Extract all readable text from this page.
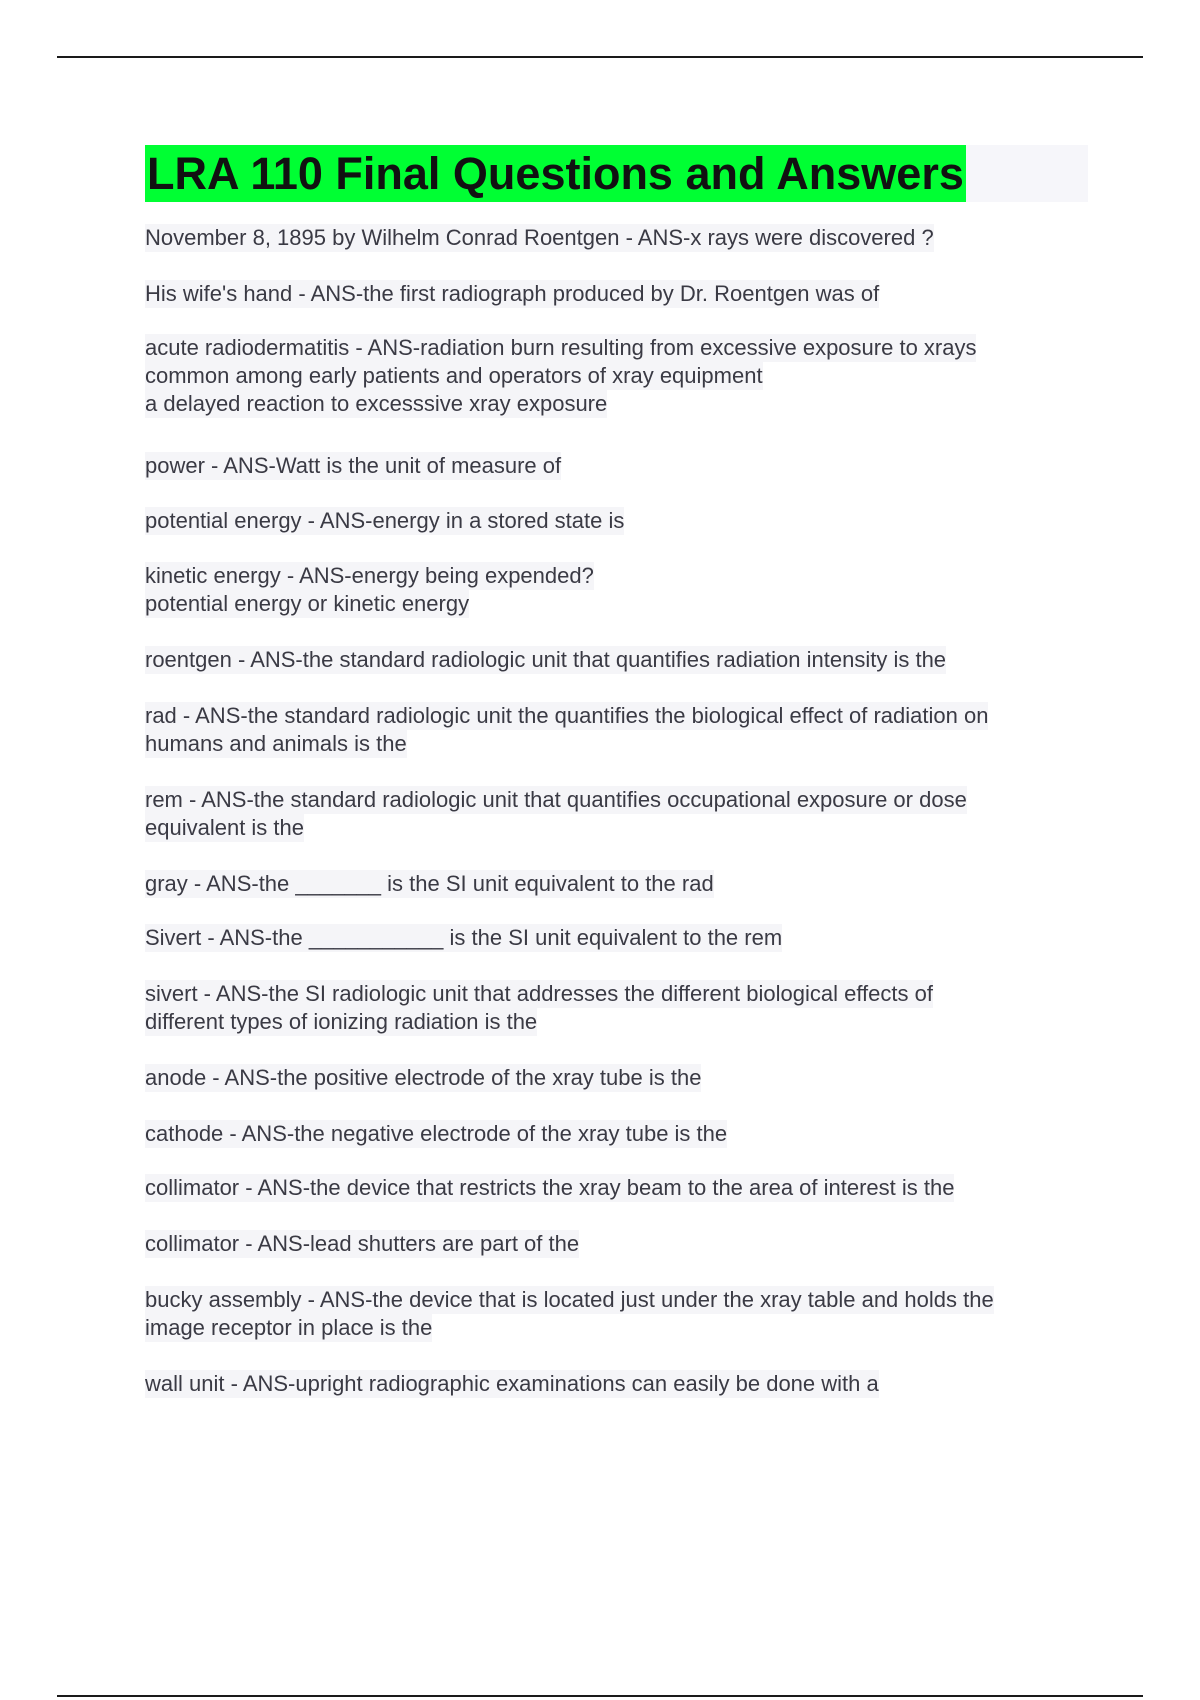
LRA 110 Final Questions and Answers
November 8, 1895 by Wilhelm Conrad Roentgen - ANS-x rays were discovered ?
His wife's hand - ANS-the first radiograph produced by Dr. Roentgen was of
acute radiodermatitis - ANS-radiation burn resulting from excessive exposure to xrays
common among early patients and operators of xray equipment
a delayed reaction to excesssive xray exposure
power - ANS-Watt is the unit of measure of
potential energy - ANS-energy in a stored state is
kinetic energy - ANS-energy being expended?
potential energy or kinetic energy
roentgen - ANS-the standard radiologic unit that quantifies radiation intensity is the
rad - ANS-the standard radiologic unit the quantifies the biological effect of radiation on
humans and animals is the
rem - ANS-the standard radiologic unit that quantifies occupational exposure or dose
equivalent is the
gray - ANS-the _______ is the SI unit equivalent to the rad
Sivert - ANS-the ___________ is the SI unit equivalent to the rem
sivert - ANS-the SI radiologic unit that addresses the different biological effects of
different types of ionizing radiation is the
anode - ANS-the positive electrode of the xray tube is the
cathode - ANS-the negative electrode of the xray tube is the
collimator - ANS-the device that restricts the xray beam to the area of interest is the
collimator - ANS-lead shutters are part of the
bucky assembly - ANS-the device that is located just under the xray table and holds the
image receptor in place is the
wall unit - ANS-upright radiographic examinations can easily be done with a
